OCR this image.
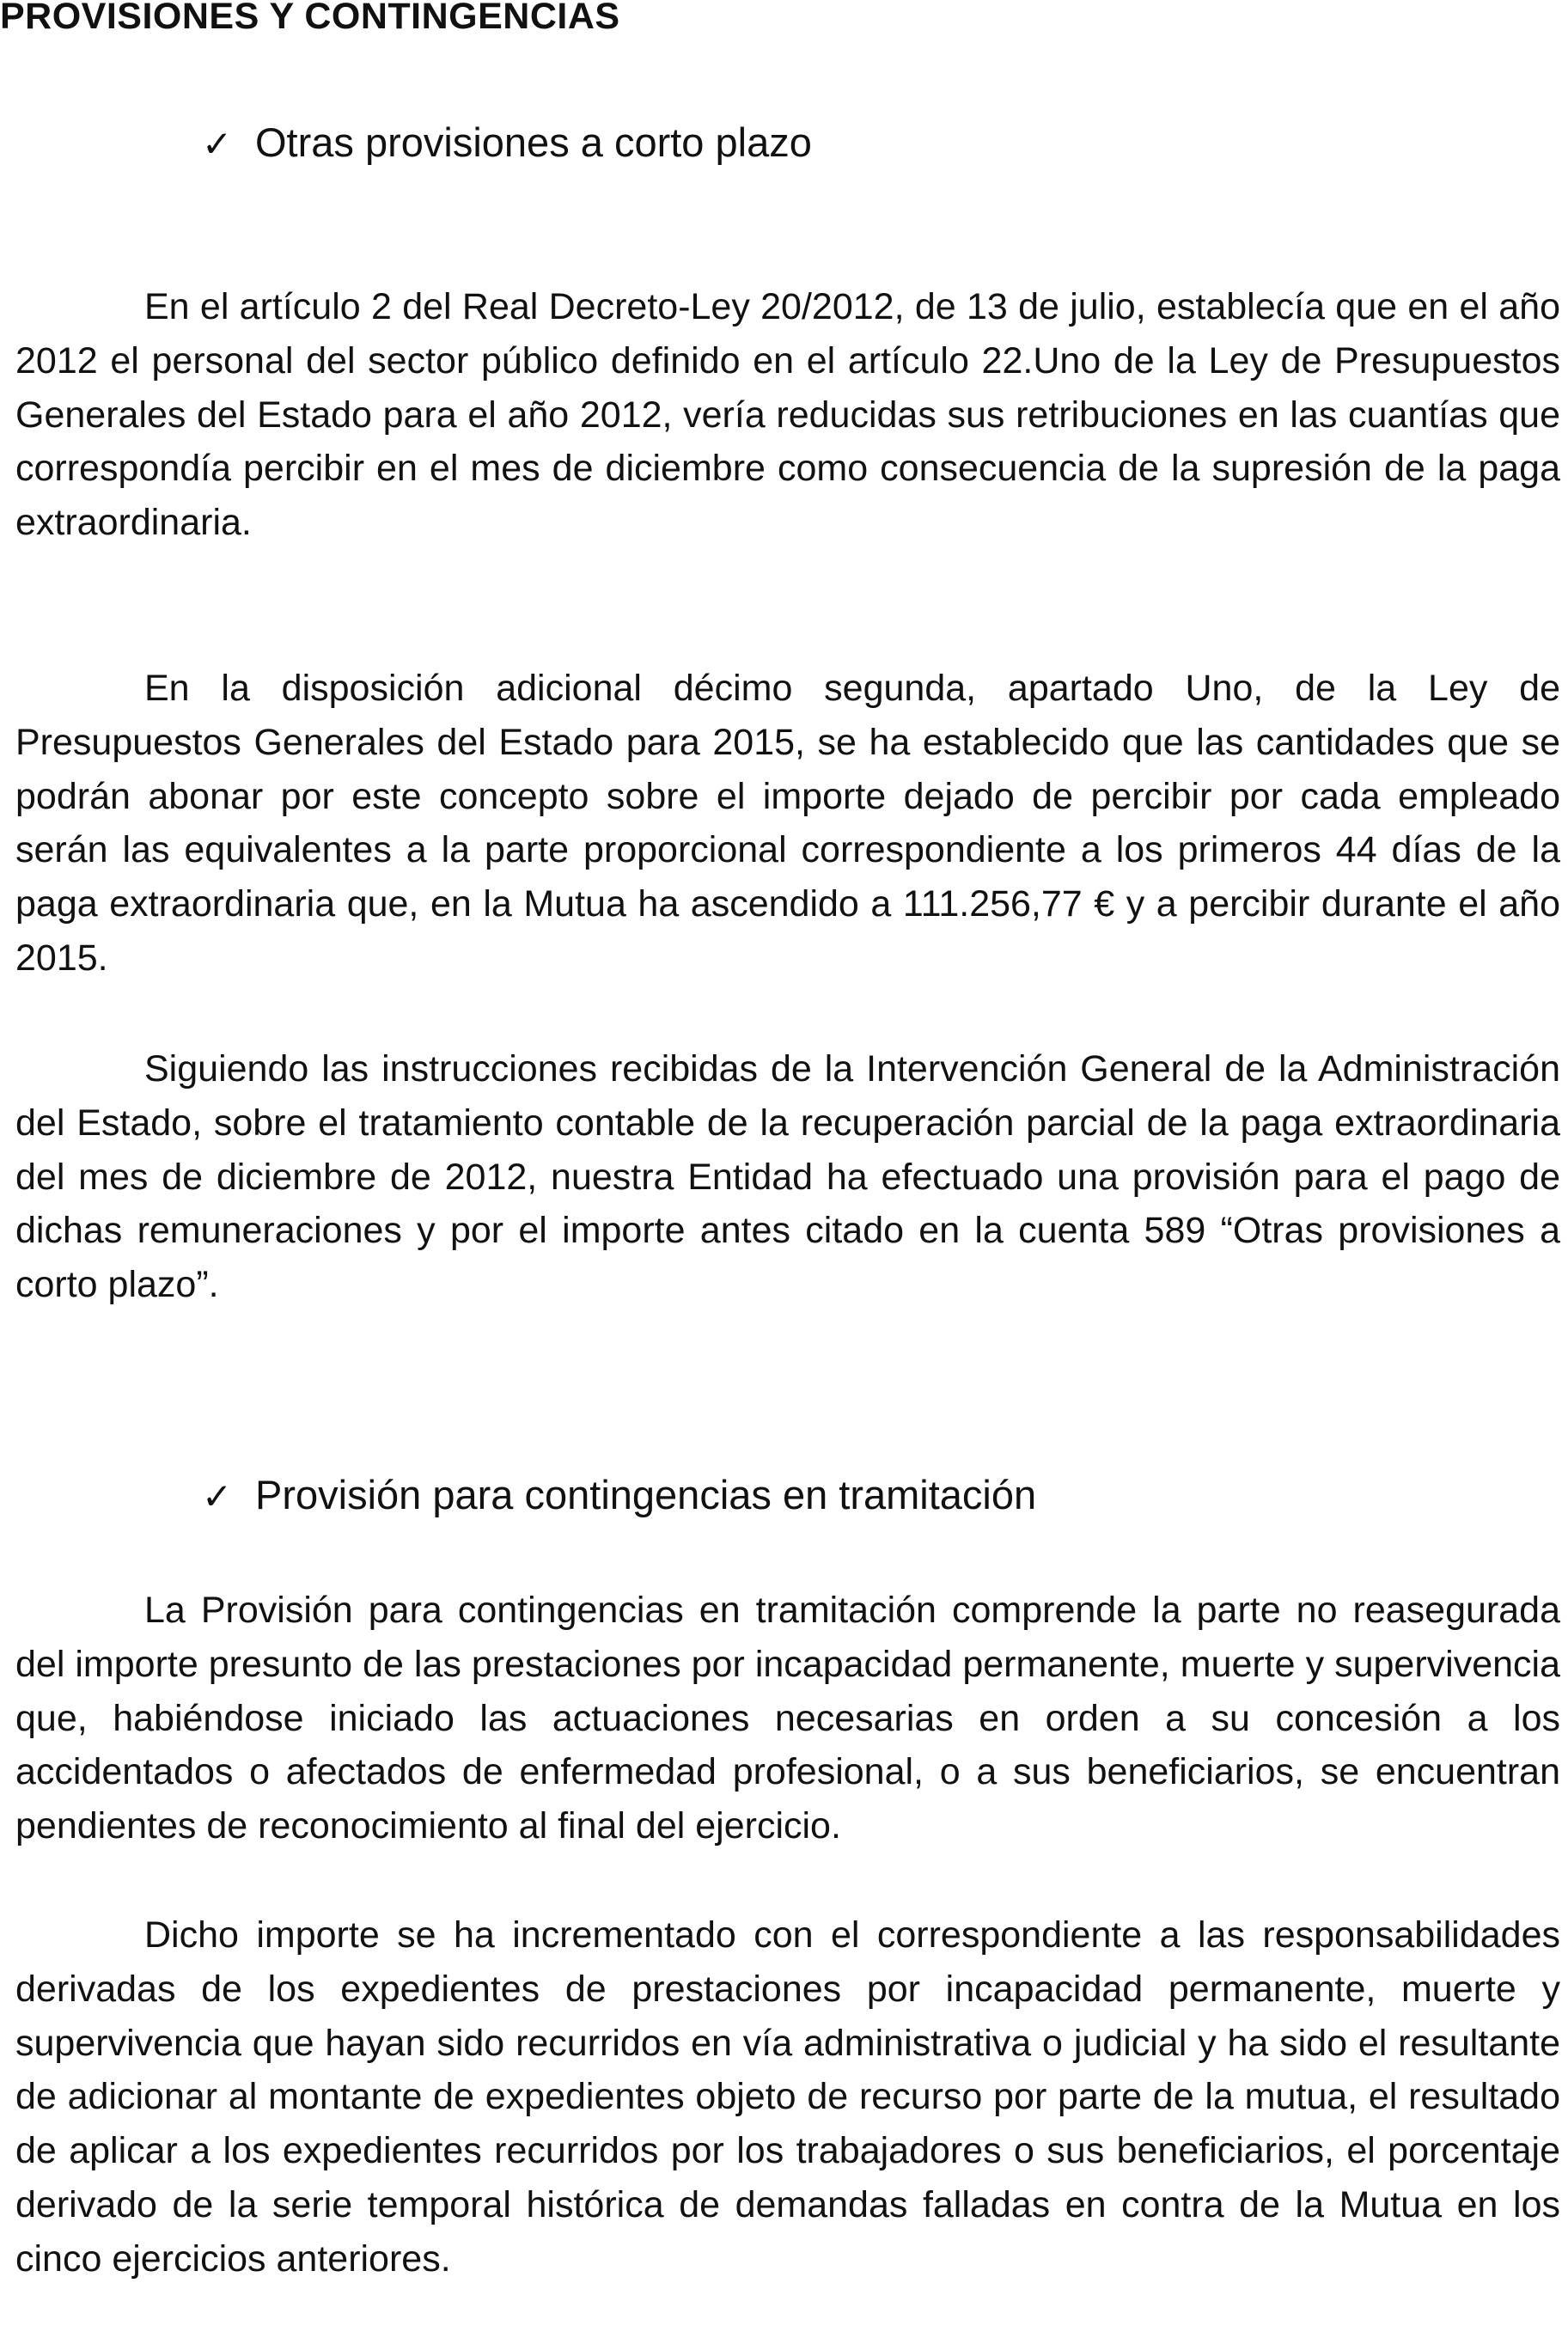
PROVISIONES Y CONTINGENCIAS
✓ Otras provisiones a corto plazo

En el artículo 2 del Real Decreto-Ley 20/2012, de 13 de julio, establecía que en el año 2012 el personal del sector público definido en el artículo 22.Uno de la Ley de Presupuestos Generales del Estado para el año 2012, vería reducidas sus retribuciones en las cuantías que correspondía percibir en el mes de diciembre como consecuencia de la supresión de la paga extraordinaria.

En la disposición adicional décimo segunda, apartado Uno, de la Ley de Presupuestos Generales del Estado para 2015, se ha establecido que las cantidades que se podrán abonar por este concepto sobre el importe dejado de percibir por cada empleado serán las equivalentes a la parte proporcional correspondiente a los primeros 44 días de la paga extraordinaria que, en la Mutua ha ascendido a 111.256,77 € y a percibir durante el año 2015.

Siguiendo las instrucciones recibidas de la Intervención General de la Administración del Estado, sobre el tratamiento contable de la recuperación parcial de la paga extraordinaria del mes de diciembre de 2012, nuestra Entidad ha efectuado una provisión para el pago de dichas remuneraciones y por el importe antes citado en la cuenta 589 “Otras provisiones a corto plazo”.

✓ Provisión para contingencias en tramitación

La Provisión para contingencias en tramitación comprende la parte no reasegurada del importe presunto de las prestaciones por incapacidad permanente, muerte y supervivencia que, habiéndose iniciado las actuaciones necesarias en orden a su concesión a los accidentados o afectados de enfermedad profesional, o a sus beneficiarios, se encuentran pendientes de reconocimiento al final del ejercicio.

Dicho importe se ha incrementado con el correspondiente a las responsabilidades derivadas de los expedientes de prestaciones por incapacidad permanente, muerte y supervivencia que hayan sido recurridos en vía administrativa o judicial y ha sido el resultante de adicionar al montante de expedientes objeto de recurso por parte de la mutua, el resultado de aplicar a los expedientes recurridos por los trabajadores o sus beneficiarios, el porcentaje derivado de la serie temporal histórica de demandas falladas en contra de la Mutua en los cinco ejercicios anteriores.
